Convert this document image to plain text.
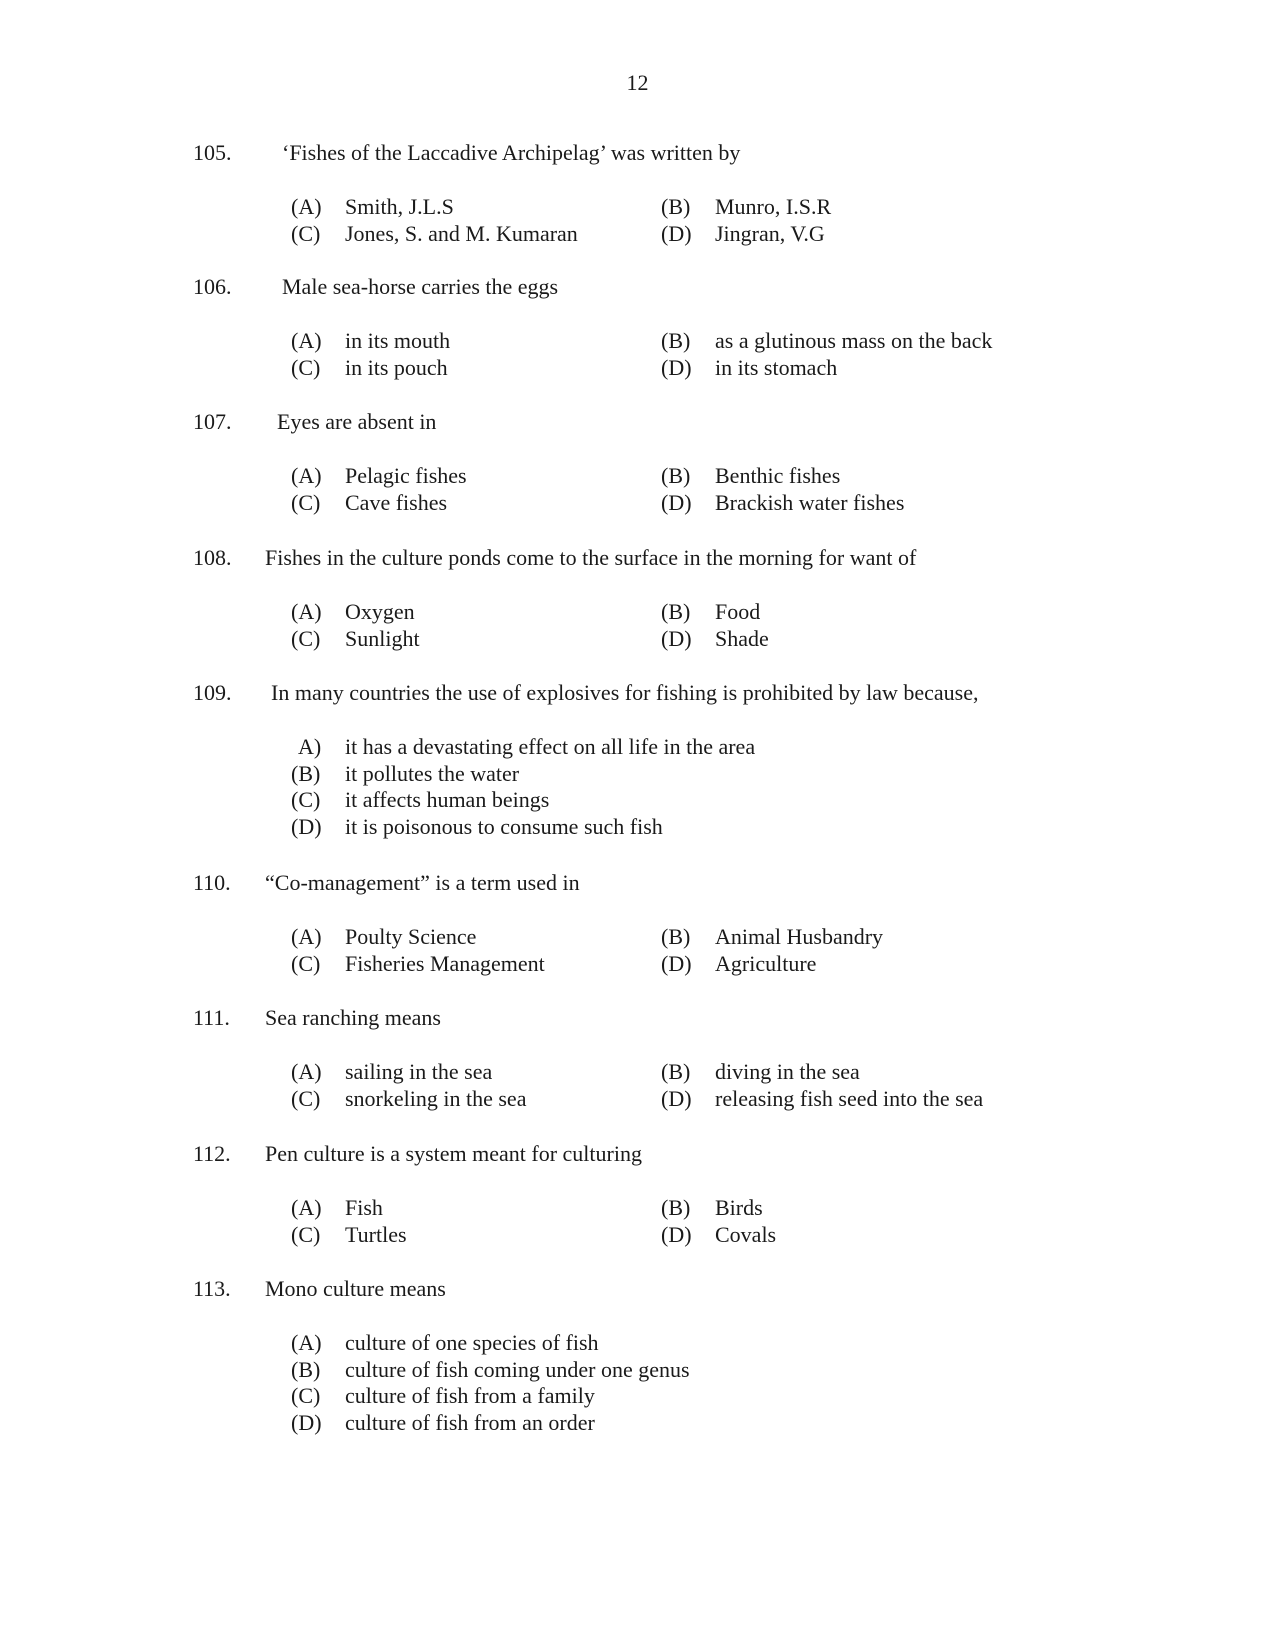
12
105. ‘Fishes of the Laccadive Archipelag’ was written by
(A) Smith, J.L.S	(B) Munro, I.S.R
(C) Jones, S. and M. Kumaran	(D) Jingran, V.G
106. Male sea-horse carries the eggs
(A) in its mouth	(B) as a glutinous mass on the back
(C) in its pouch	(D) in its stomach
107. Eyes are absent in
(A) Pelagic fishes	(B) Benthic fishes
(C) Cave fishes	(D) Brackish water fishes
108. Fishes in the culture ponds come to the surface in the morning for want of
(A) Oxygen	(B) Food
(C) Sunlight	(D) Shade
109. In many countries the use of explosives for fishing is prohibited by law because,
A) it has a devastating effect on all life in the area
(B) it pollutes the water
(C) it affects human beings
(D) it is poisonous to consume such fish
110. “Co-management” is a term used in
(A) Poulty Science	(B) Animal Husbandry
(C) Fisheries Management	(D) Agriculture
111. Sea ranching means
(A) sailing in the sea	(B) diving in the sea
(C) snorkeling in the sea	(D) releasing fish seed into the sea
112. Pen culture is a system meant for culturing
(A) Fish	(B) Birds
(C) Turtles	(D) Covals
113. Mono culture means
(A) culture of one species of fish
(B) culture of fish coming under one genus
(C) culture of fish from a family
(D) culture of fish from an order
